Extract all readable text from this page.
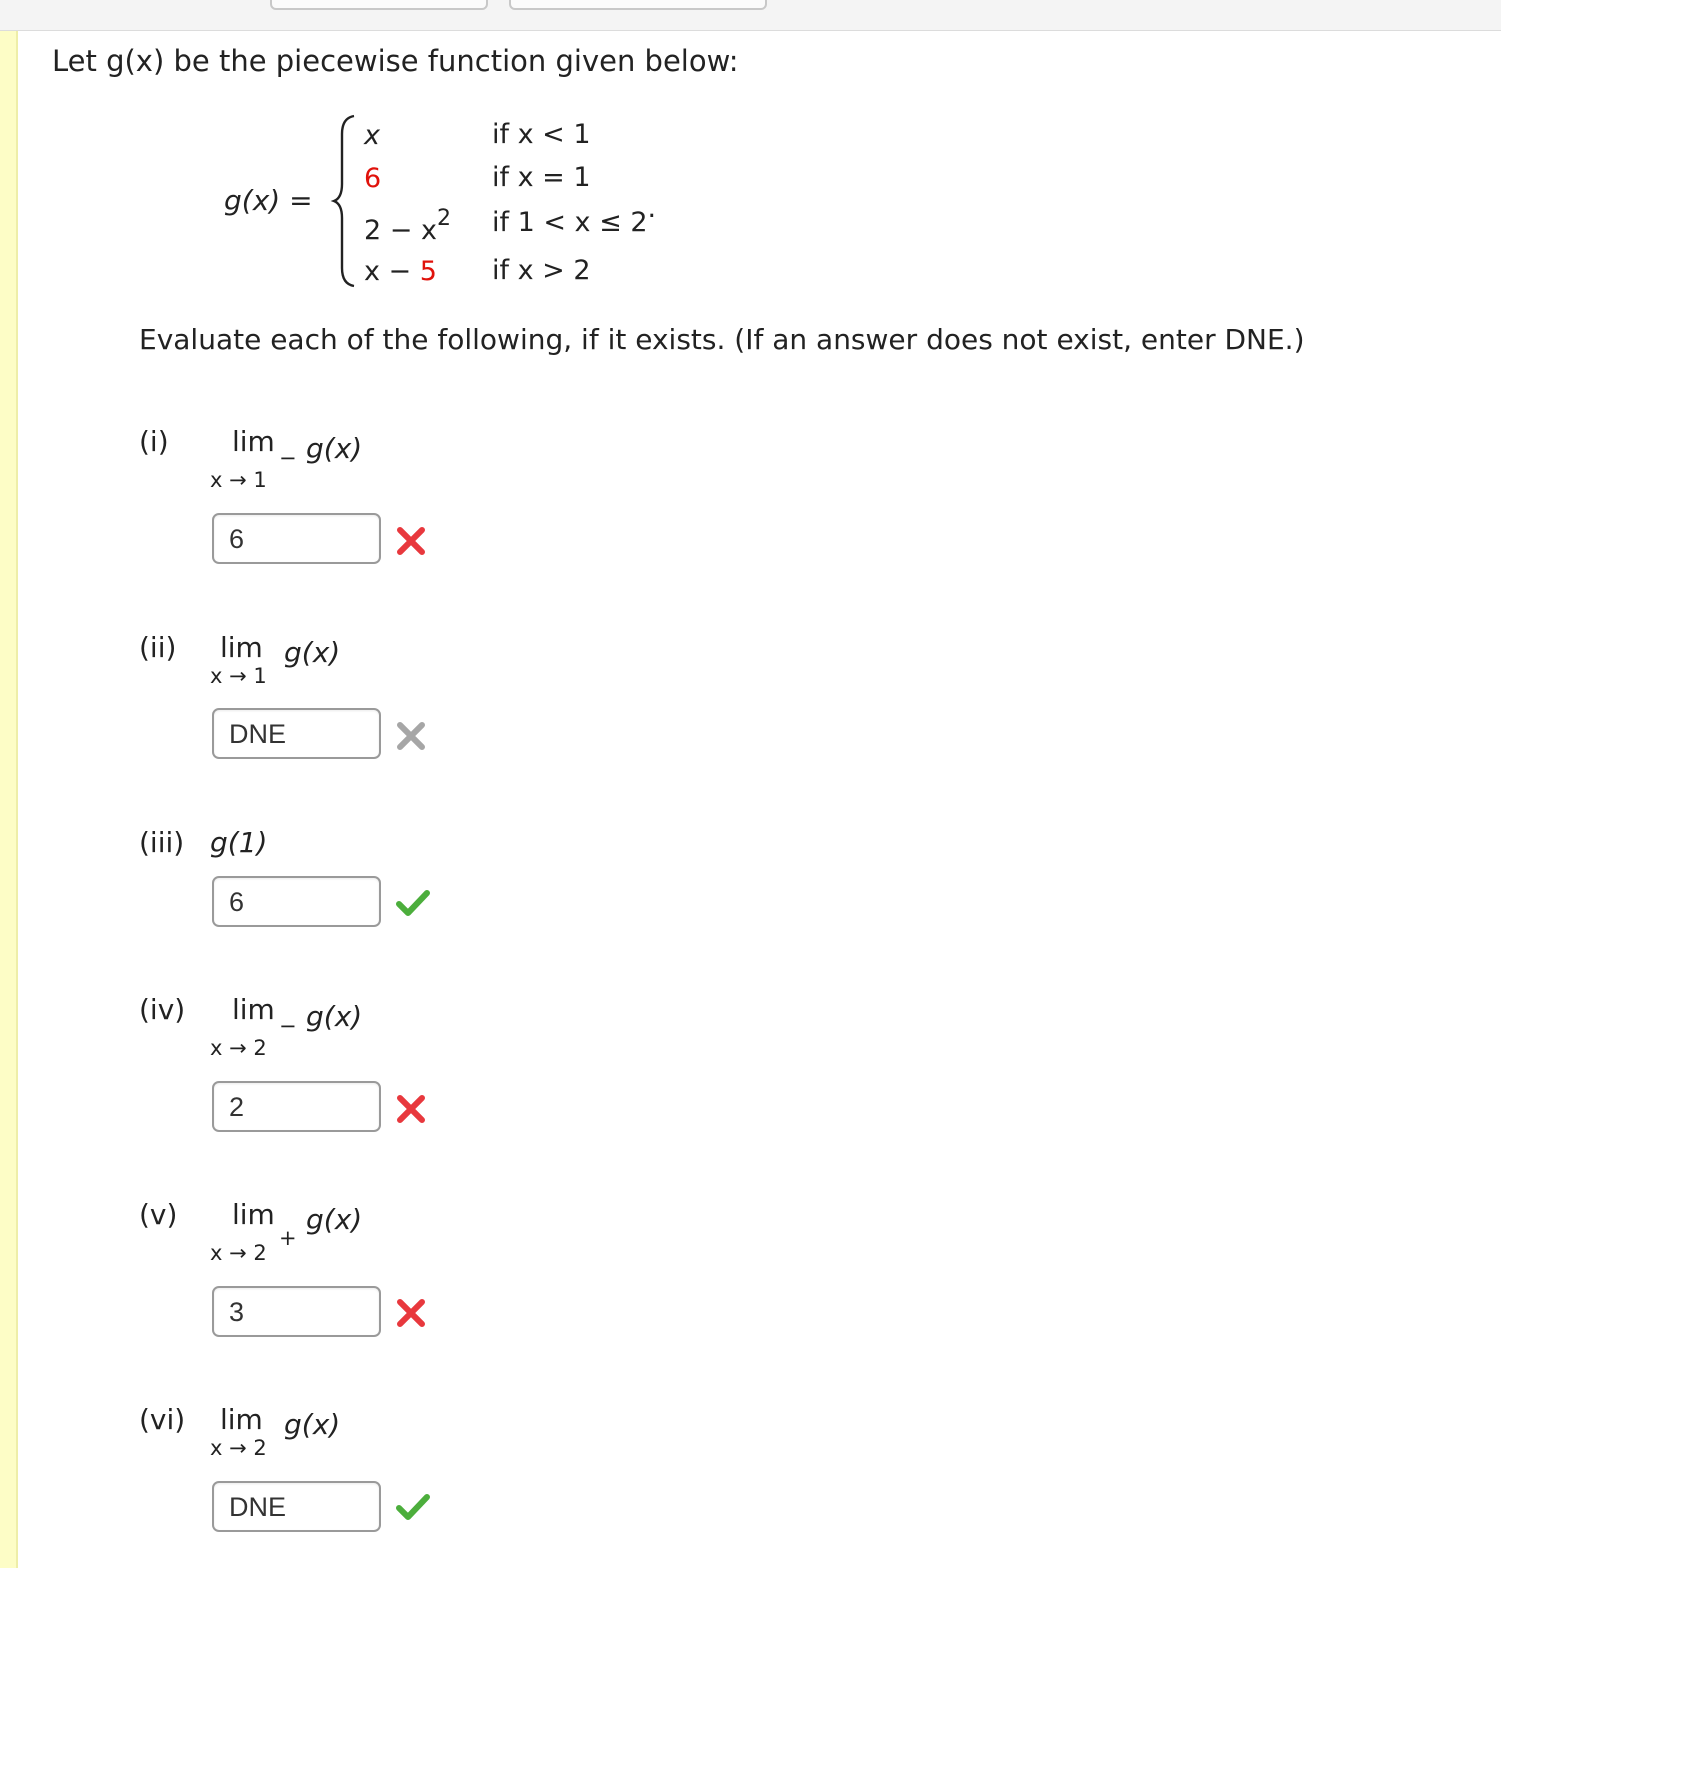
Let g(x) be the piecewise function given below:
g(x) =
x	if x < 1
6	if x = 1
$2 - x^2$ if 1 < x ≤ 2.
x − 5 if x > 2
Evaluate each of the following, if it exists. (If an answer does not exist, enter DNE.)
(i) lim
x → 1
− g(x)
6
(ii) lim
x → 1
g(x)
DNE
(iii) g(1)
6
(iv) lim
x → 2
− g(x)
2
(v) lim
x → 2
+
g(x)
3
(vi) lim
x → 2
g(x)
DNE
